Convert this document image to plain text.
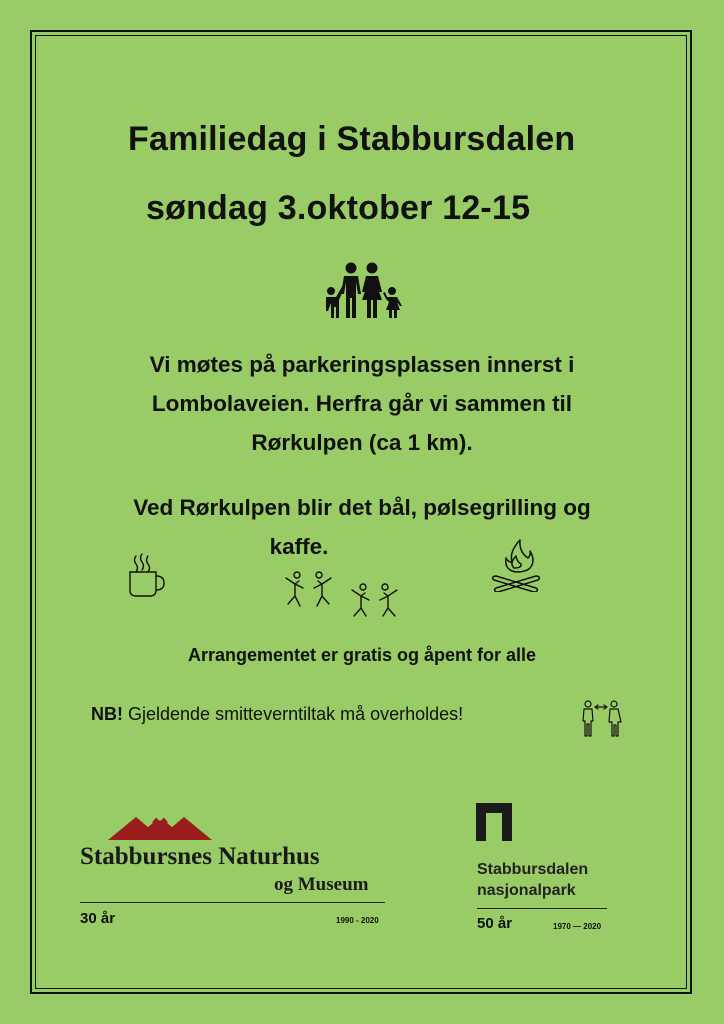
Familiedag i Stabbursdalen
søndag 3.oktober 12-15
Vi møtes på parkeringsplassen innerst i
Lombolaveien. Herfra går vi sammen til
Rørkulpen (ca 1 km).
Ved Rørkulpen blir det bål, pølsegrilling og
kaffe.
Arrangementet er gratis og åpent for alle
NB! Gjeldende smitteverntiltak må overholdes!
Stabbursnes Naturhus
og Museum
30 år	1990 - 2020
Stabbursdalen
nasjonalpark
50 år	1970 — 2020
